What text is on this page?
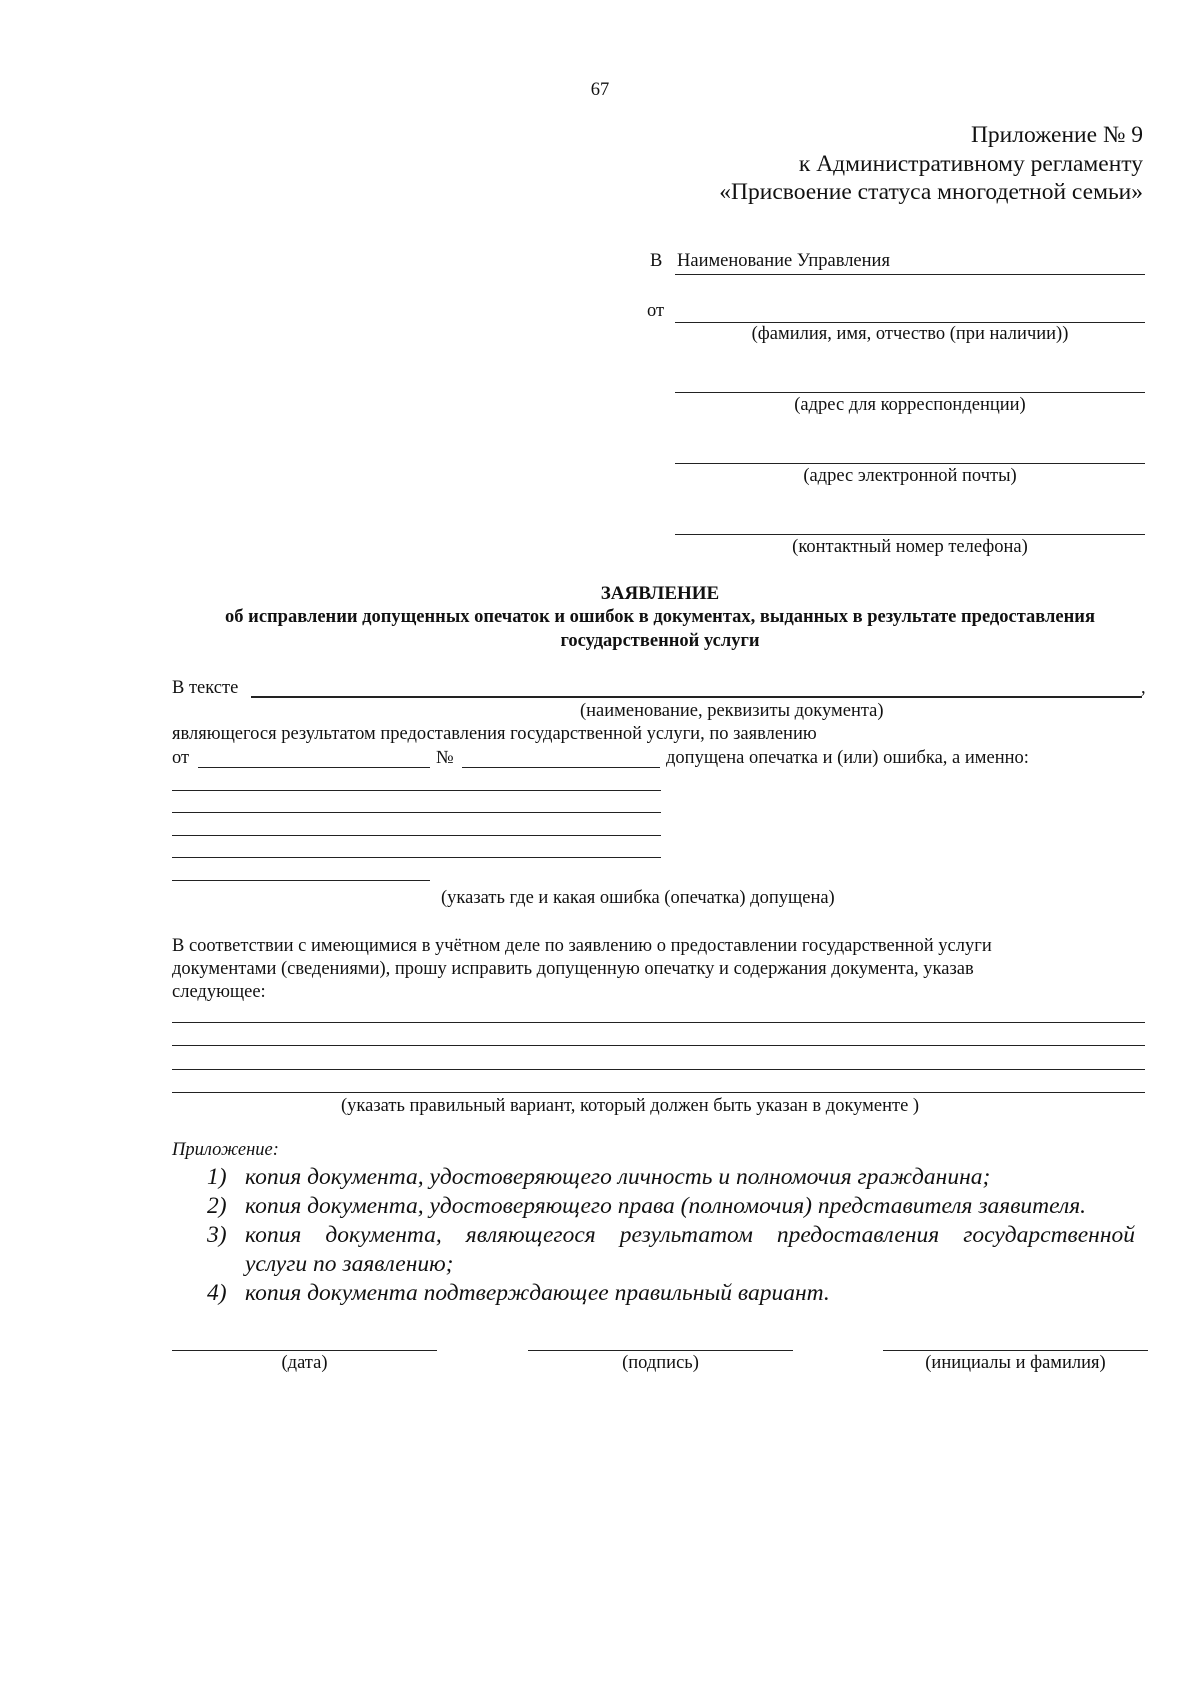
67
Приложение № 9
к Административному регламенту
«Присвоение статуса многодетной семьи»
В Наименование Управления
от
(фамилия, имя, отчество (при наличии))
(адрес для корреспонденции)
(адрес электронной почты)
(контактный номер телефона)
ЗАЯВЛЕНИЕ
об исправлении допущенных опечаток и ошибок в документах, выданных в результате предоставления
государственной услуги
В тексте	,
(наименование, реквизиты документа)
являющегося результатом предоставления государственной услуги, по заявлению
от	№	допущена опечатка и (или) ошибка, а именно:
(указать где и какая ошибка (опечатка) допущена)
В соответствии с имеющимися в учётном деле по заявлению о предоставлении государственной услуги
документами (сведениями), прошу исправить допущенную опечатку и содержания документа, указав
следующее:
(указать правильный вариант, который должен быть указан в документе )
Приложение:
1) копия документа, удостоверяющего личность и полномочия гражданина;
2) копия документа, удостоверяющего права (полномочия) представителя заявителя.
3) копия документа, являющегося результатом предоставления государственной
услуги по заявлению;
4) копия документа подтверждающее правильный вариант.
(дата)	(подпись)	(инициалы и фамилия)
